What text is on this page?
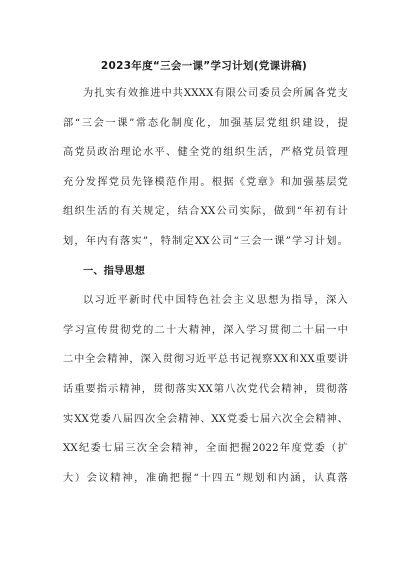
2023年度“三会一课”学习计划(党课讲稿)
为扎实有效推进中共XXXX有限公司委员会所属各党支
部“三会一课”常态化制度化，加强基层党组织建设，提
高党员政治理论水平、健全党的组织生活，严格党员管理
充分发挥党员先锋模范作用。根据《党章》和加强基层党
组织生活的有关规定，结合XX公司实际，做到“年初有计
划，年内有落实”，特制定XX公司“三会一课”学习计划。
一、指导思想
以习近平新时代中国特色社会主义思想为指导，深入
学习宣传贯彻党的二十大精神，深入学习贯彻二十届一中
二中全会精神，深入贯彻习近平总书记视察XX和XX重要讲
话重要指示精神，贯彻落实XX第八次党代会精神，贯彻落
实XX党委八届四次全会精神、XX党委七届六次全会精神、
XX纪委七届三次全会精神，全面把握2022年度党委（扩
大）会议精神，准确把握“十四五”规划和内涵，认真落
